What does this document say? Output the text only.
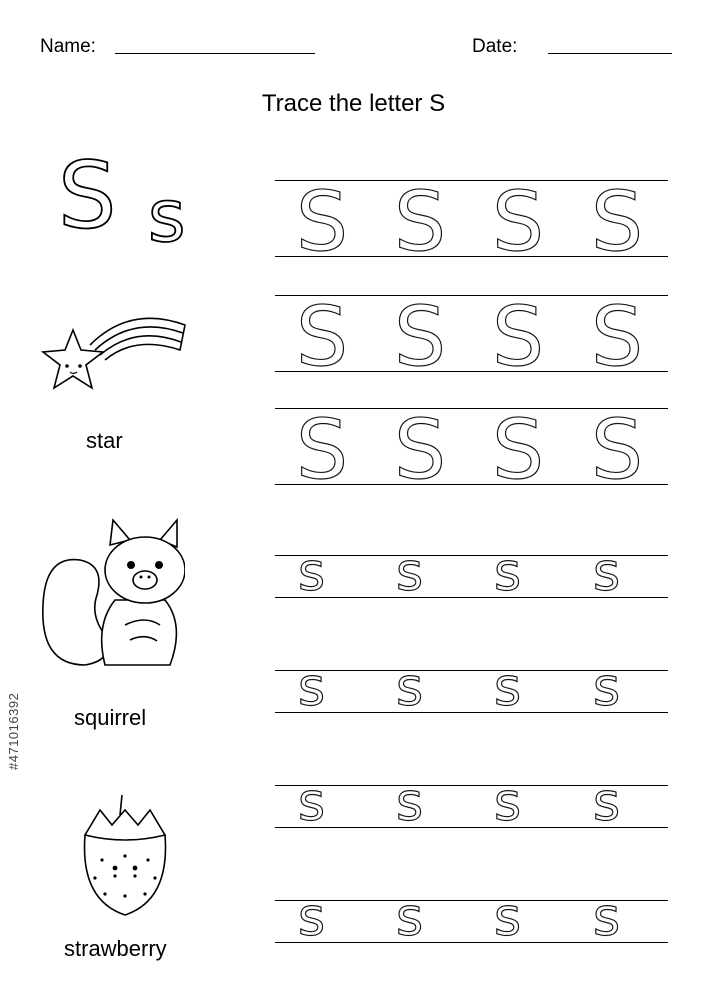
Name:	Date:
Trace the letter S
S s
star
squirrel
strawberry
S S S S
S S S S
S S S S
s s s s
s s s s
s s s s
s s s s
#471016392
